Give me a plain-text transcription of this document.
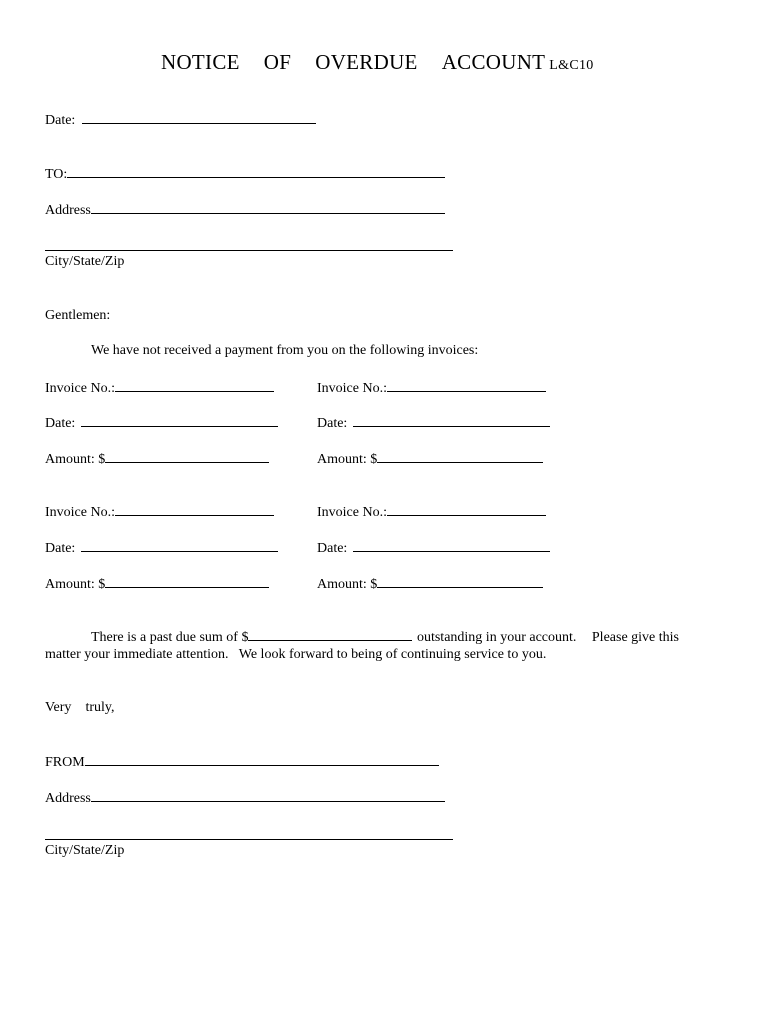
NOTICE OF OVERDUE ACCOUNT L&C10
Date:
TO:
Address
City/State/Zip
Gentlemen:
We have not received a payment from you on the following invoices:
Invoice No.:	Invoice No.:
Date:	Date:
Amount: $	Amount: $
Invoice No.:	Invoice No.:
Date:	Date:
Amount: $	Amount: $
There is a past due sum of $	outstanding in your account. Please give this
matter your immediate attention.   We look forward to being of continuing service to you.
Very truly,
FROM
Address
City/State/Zip
